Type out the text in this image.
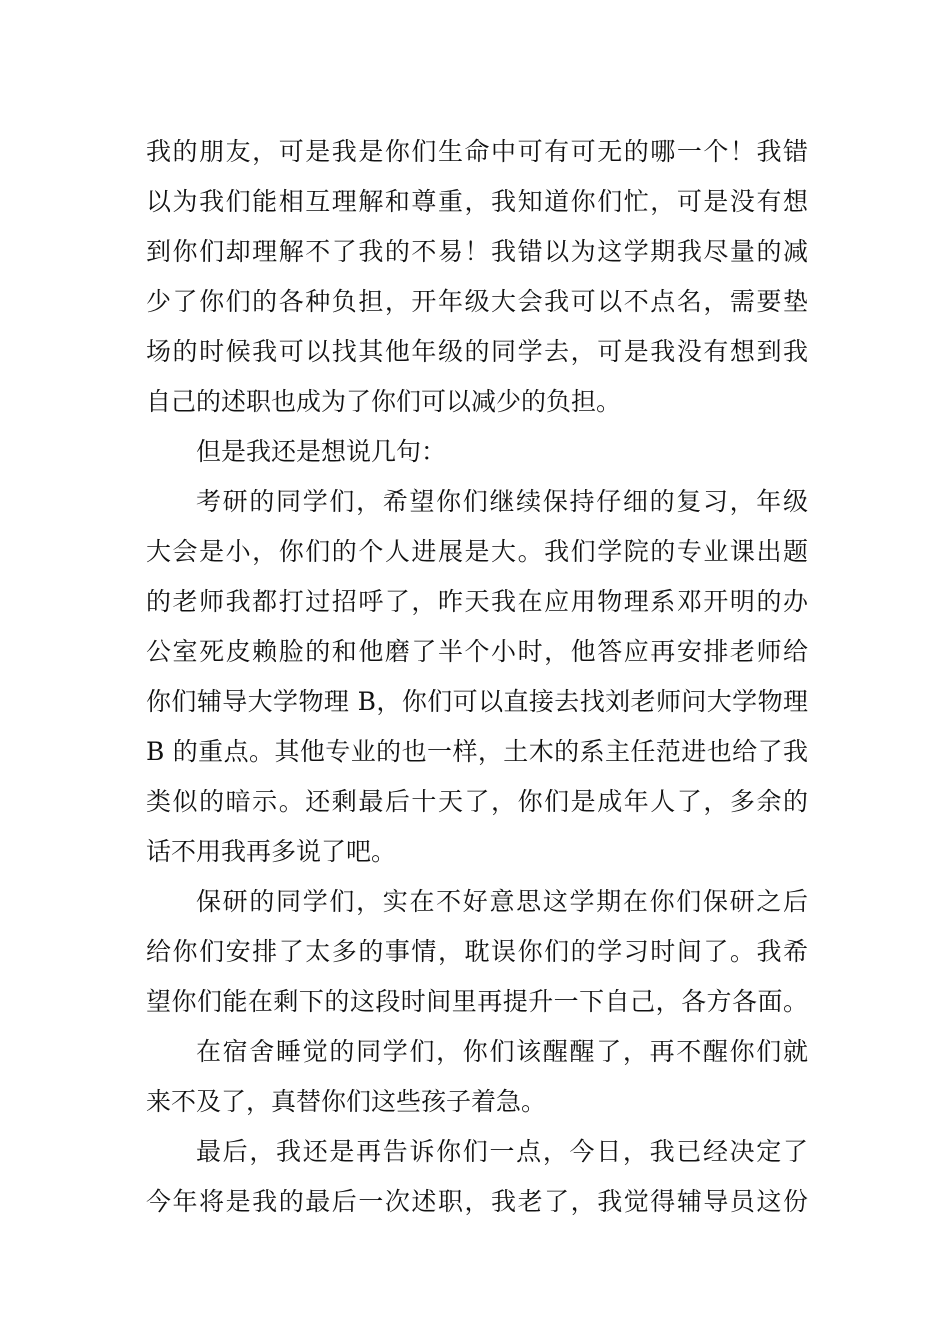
我的朋友，可是我是你们生命中可有可无的哪一个！我错
以为我们能相互理解和尊重，我知道你们忙，可是没有想
到你们却理解不了我的不易！我错以为这学期我尽量的减
少了你们的各种负担，开年级大会我可以不点名，需要垫
场的时候我可以找其他年级的同学去，可是我没有想到我
自己的述职也成为了你们可以减少的负担。
但是我还是想说几句：
考研的同学们，希望你们继续保持仔细的复习，年级
大会是小，你们的个人进展是大。我们学院的专业课出题
的老师我都打过招呼了，昨天我在应用物理系邓开明的办
公室死皮赖脸的和他磨了半个小时，他答应再安排老师给
你们辅导大学物理 B，你们可以直接去找刘老师问大学物理
B 的重点。其他专业的也一样，土木的系主任范进也给了我
类似的暗示。还剩最后十天了，你们是成年人了，多余的
话不用我再多说了吧。
保研的同学们，实在不好意思这学期在你们保研之后
给你们安排了太多的事情，耽误你们的学习时间了。我希
望你们能在剩下的这段时间里再提升一下自己，各方各面。
在宿舍睡觉的同学们，你们该醒醒了，再不醒你们就
来不及了，真替你们这些孩子着急。
最后，我还是再告诉你们一点，今日，我已经决定了
今年将是我的最后一次述职，我老了，我觉得辅导员这份
